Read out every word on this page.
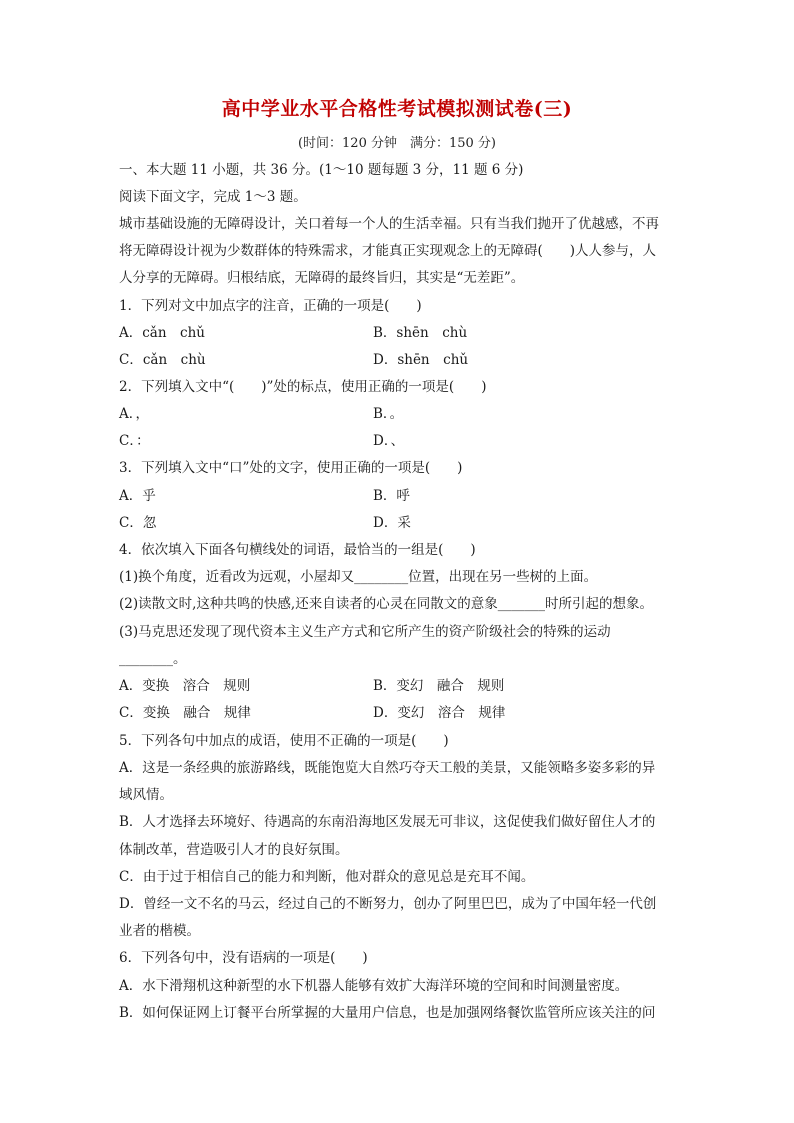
高中学业水平合格性考试模拟测试卷(三)
(时间：120 分钟　满分：150 分)
一、本大题 11 小题，共 36 分。(1～10 题每题 3 分，11 题 6 分)
阅读下面文字，完成 1～3 题。
城市基础设施的无障碍设计，关口着每一个人的生活幸福。只有当我们抛开了优越感，不再
将无障碍设计视为少数群体的特殊需求，才能真正实现观念上的无障碍(　　)人人参与，人
人分享的无障碍。归根结底，无障碍的最终旨归，其实是“无差距”。
1．下列对文中加点字的注音，正确的一项是(　　)
A．cǎn　chǔ	B．shēn　chù
C．cǎn　chù	D．shēn　chǔ
2．下列填入文中“(　　)”处的标点，使用正确的一项是(　　)
A．，	B．。
C．：	D．、
3．下列填入文中“口”处的文字，使用正确的一项是(　　)
A．乎	B．呼
C．忽	D．采
4．依次填入下面各句横线处的词语，最恰当的一组是(　　)
(1)换个角度，近看改为远观，小屋却又________位置，出现在另一些树的上面。
(2)读散文时,这种共鸣的快感,还来自读者的心灵在同散文的意象_______时所引起的想象。
(3)马克思还发现了现代资本主义生产方式和它所产生的资产阶级社会的特殊的运动
________。
A．变换　溶合　规则	B．变幻　融合　规则
C．变换　融合　规律	D．变幻　溶合　规律
5．下列各句中加点的成语，使用不正确的一项是(　　)
A．这是一条经典的旅游路线，既能饱览大自然巧夺天工般的美景，又能领略多姿多彩的异
域风情。
B．人才选择去环境好、待遇高的东南沿海地区发展无可非议，这促使我们做好留住人才的
体制改革，营造吸引人才的良好氛围。
C．由于过于相信自己的能力和判断，他对群众的意见总是充耳不闻。
D．曾经一文不名的马云，经过自己的不断努力，创办了阿里巴巴，成为了中国年轻一代创
业者的楷模。
6．下列各句中，没有语病的一项是(　　)
A．水下滑翔机这种新型的水下机器人能够有效扩大海洋环境的空间和时间测量密度。
B．如何保证网上订餐平台所掌握的大量用户信息，也是加强网络餐饮监管所应该关注的问
